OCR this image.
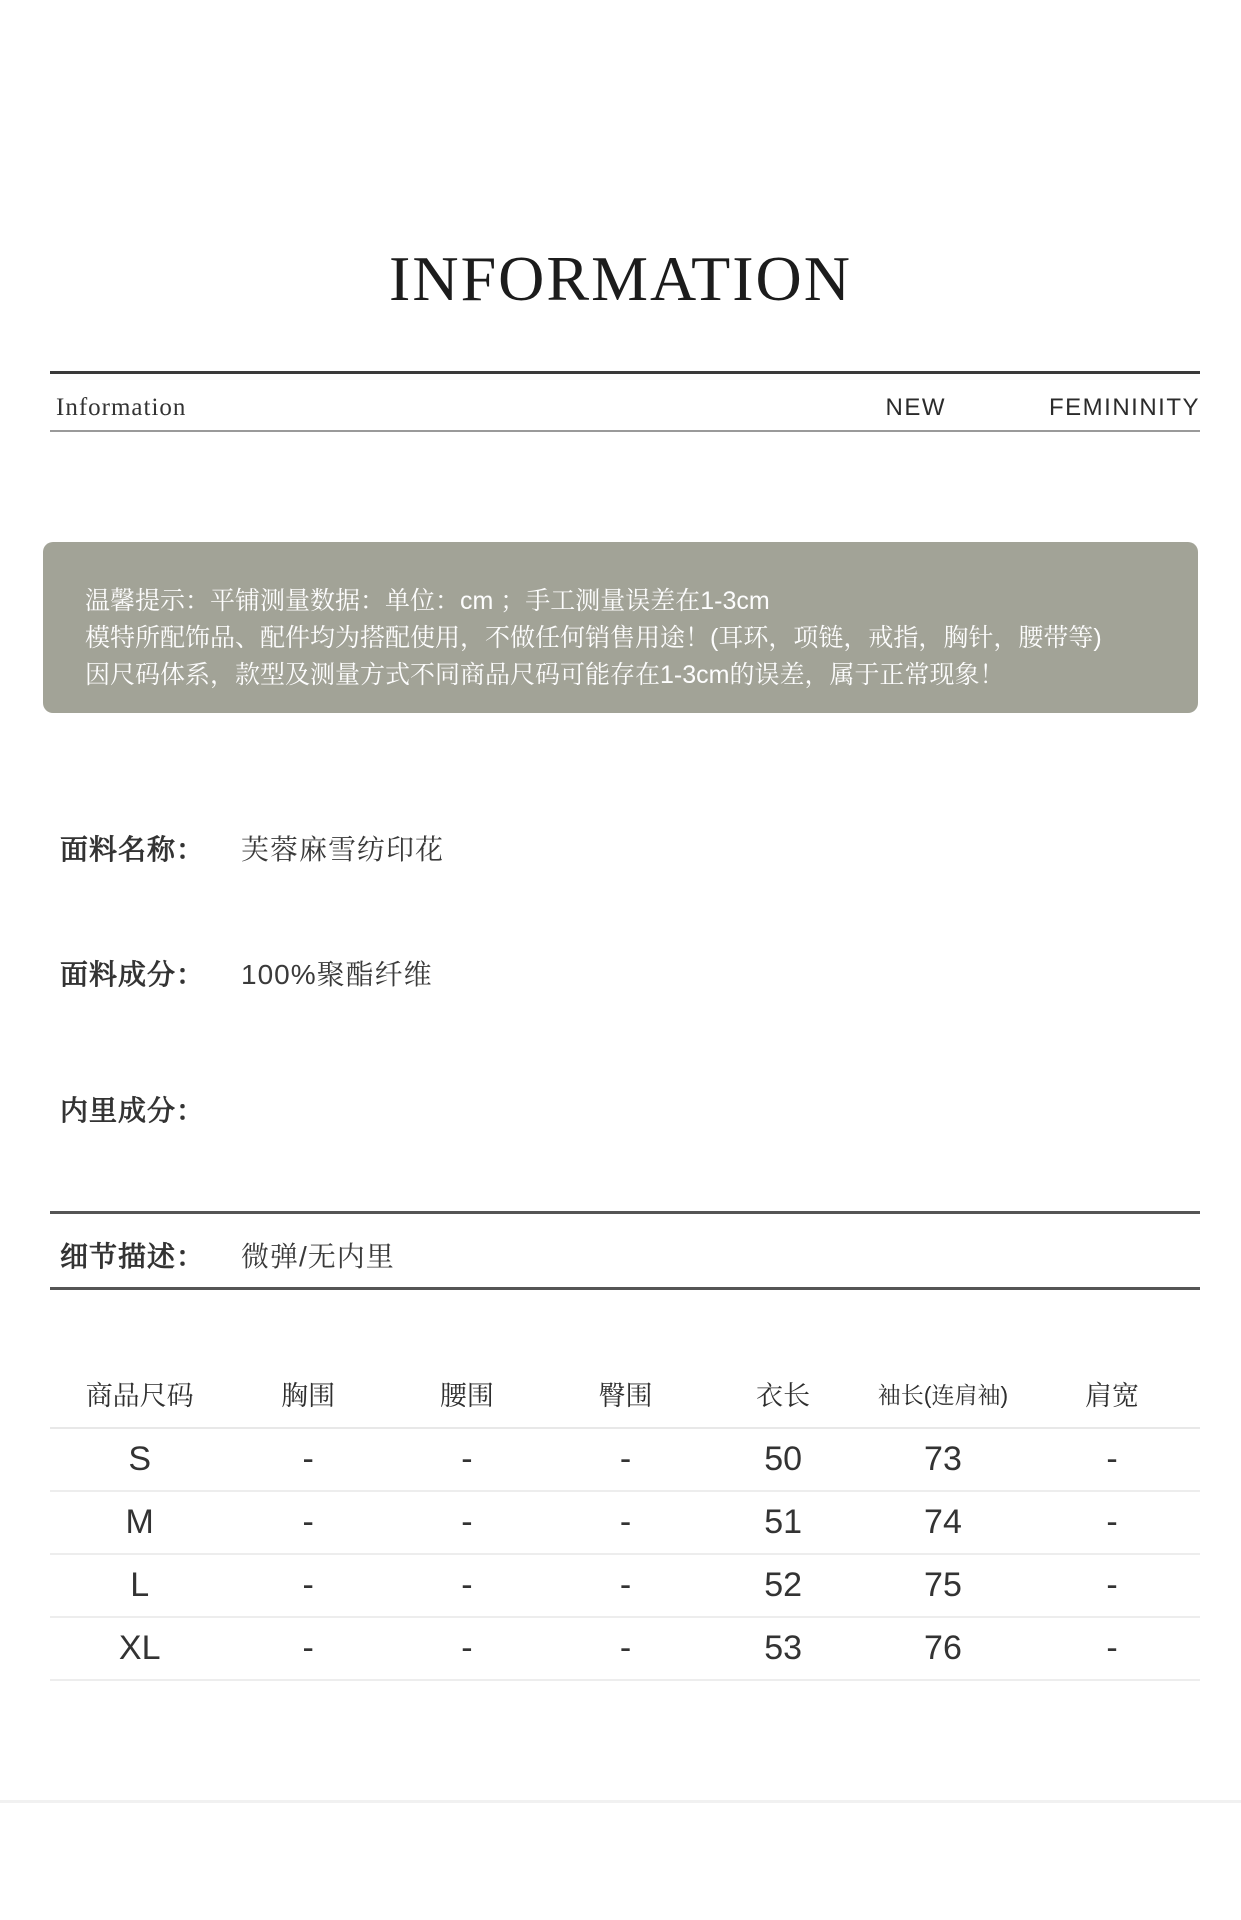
INFORMATION
Information	NEW	FEMININITY
温馨提示：平铺测量数据：单位：cm ；手工测量误差在1-3cm
模特所配饰品、配件均为搭配使用，不做任何销售用途！(耳环，项链，戒指，胸针，腰带等)
因尺码体系，款型及测量方式不同商品尺码可能存在1-3cm的误差，属于正常现象！
面料名称： 芙蓉麻雪纺印花
面料成分： 100%聚酯纤维
内里成分：
细节描述： 微弹/无内里
商品尺码	胸围	腰围	臀围	衣长	袖长(连肩袖)	肩宽
S	-	-	-	50	73	-
M	-	-	-	51	74	-
L	-	-	-	52	75	-
XL	-	-	-	53	76	-
